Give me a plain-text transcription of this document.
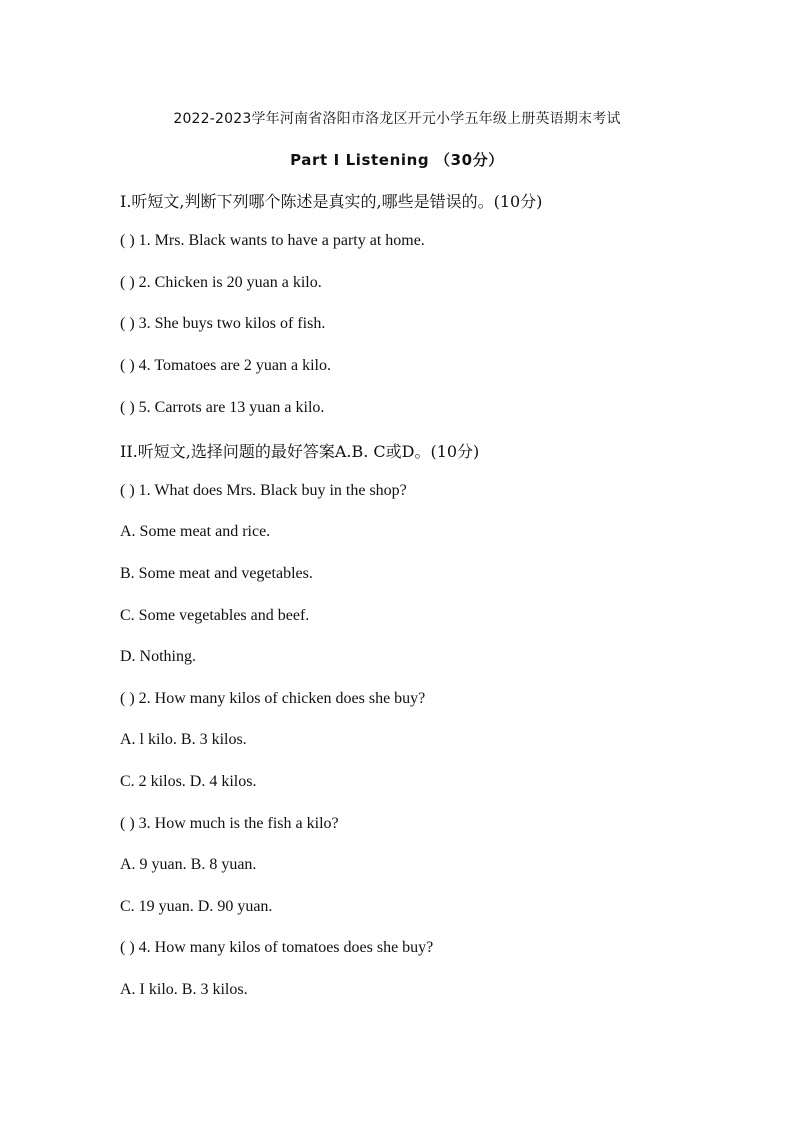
2022-2023学年河南省洛阳市洛龙区开元小学五年级上册英语期末考试
Part I Listening （30分）
I.听短文,判断下列哪个陈述是真实的,哪些是错误的。(10分)
( ) 1. Mrs. Black wants to have a party at home.
( ) 2. Chicken is 20 yuan a kilo.
( ) 3. She buys two kilos of fish.
( ) 4. Tomatoes are 2 yuan a kilo.
( ) 5. Carrots are 13 yuan a kilo.
II.听短文,选择问题的最好答案A.B. C或D。(10分)
( ) 1. What does Mrs. Black buy in the shop?
A. Some meat and rice.
B. Some meat and vegetables.
C. Some vegetables and beef.
D. Nothing.
( ) 2. How many kilos of chicken does she buy?
A. l kilo. B. 3 kilos.
C. 2 kilos. D. 4 kilos.
( ) 3. How much is the fish a kilo?
A. 9 yuan. B. 8 yuan.
C. 19 yuan. D. 90 yuan.
( ) 4. How many kilos of tomatoes does she buy?
A. I kilo. B. 3 kilos.
